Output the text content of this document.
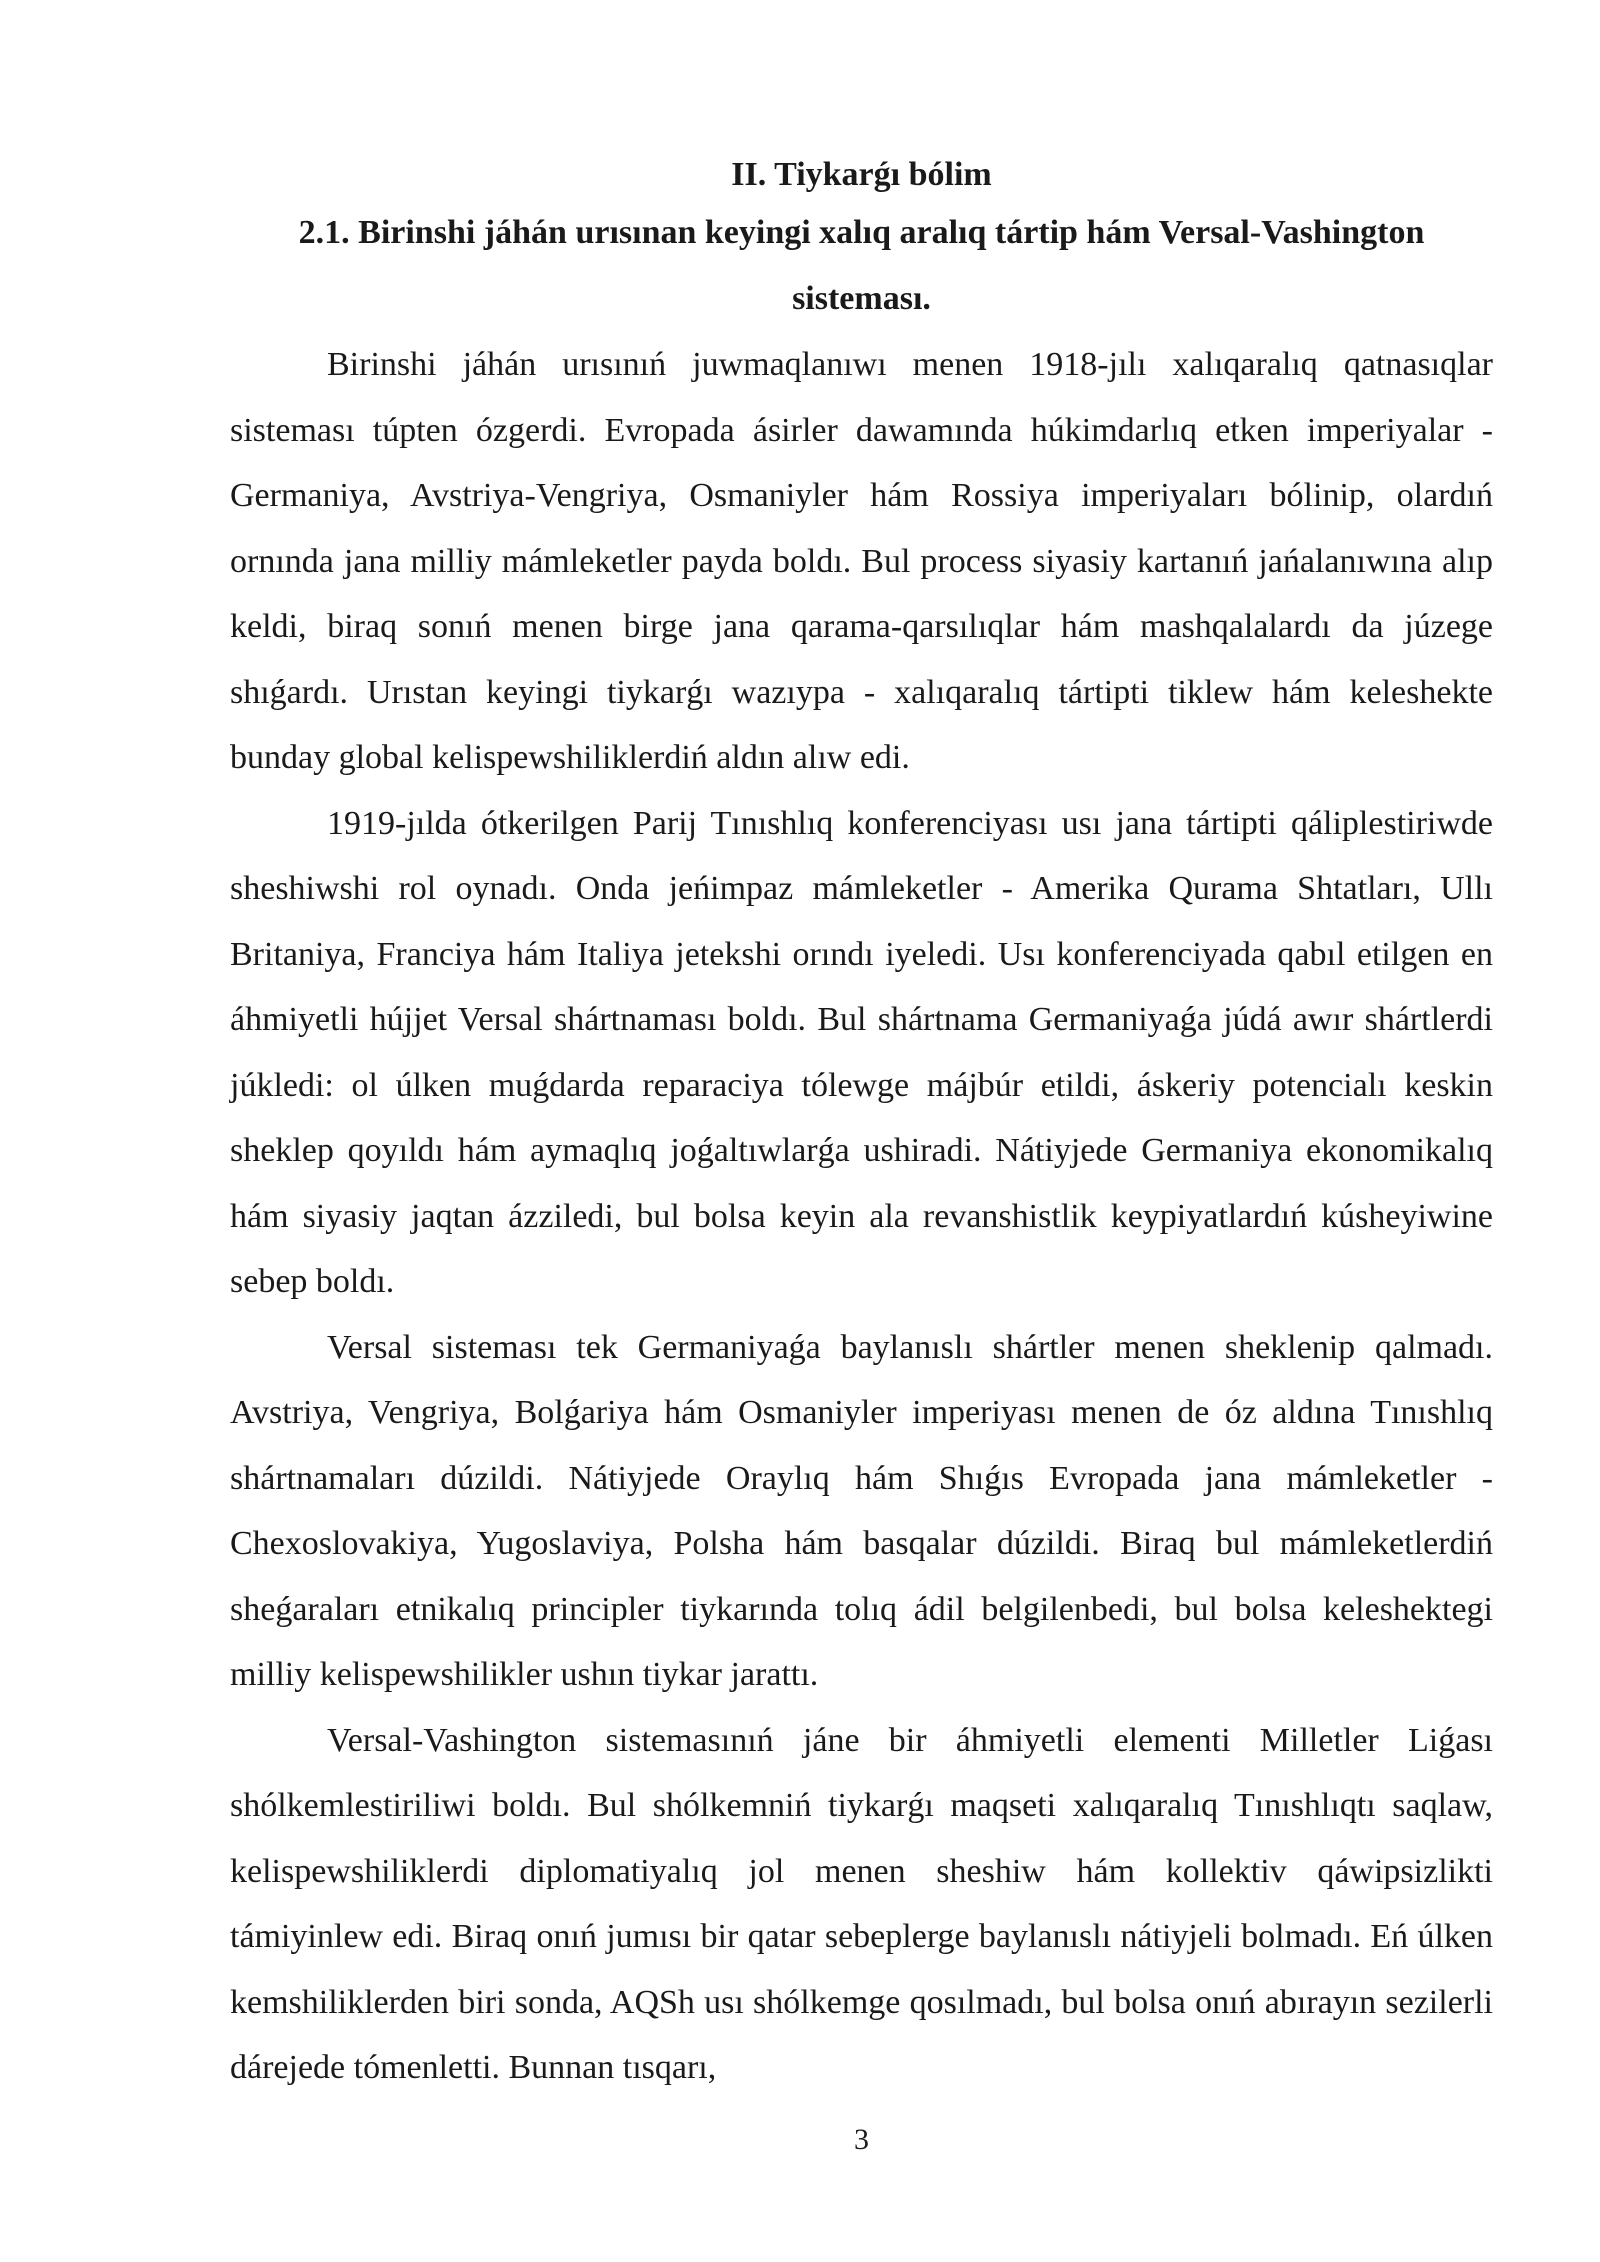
II. Tiykarǵı bólim
2.1. Birinshi jáhán urısınan keyingi xalıq aralıq tártip hám Versal-Vashington sisteması.

Birinshi jáhán urısınıń juwmaqlanıwı menen 1918-jılı xalıqaralıq qatnasıqlar sisteması túpten ózgerdi. Evropada ásirler dawamında húkimdarlıq etken imperiyalar - Germaniya, Avstriya-Vengriya, Osmaniyler hám Rossiya imperiyaları bólinip, olardıń ornında jana milliy mámleketler payda boldı. Bul process siyasiy kartanıń jańalanıwına alıp keldi, biraq sonıń menen birge jana qarama-qarsılıqlar hám mashqalalardı da júzege shıǵardı. Urıstan keyingi tiykarǵı wazıypa - xalıqaralıq tártipti tiklew hám keleshekte bunday global kelispewshiliklerdiń aldın alıw edi.

1919-jılda ótkerilgen Parij Tınıshlıq konferenciyası usı jana tártipti qáliplestiriwde sheshiwshi rol oynadı. Onda jeńimpaz mámleketler - Amerika Qurama Shtatları, Ullı Britaniya, Franciya hám Italiya jetekshi orındı iyeledi. Usı konferenciyada qabıl etilgen en áhmiyetli hújjet Versal shártnaması boldı. Bul shártnama Germaniyaǵa júdá awır shártlerdi júkledi: ol úlken muǵdarda reparaciya tólewge májbúr etildi, áskeriy potencialı keskin sheklep qoyıldı hám aymaqlıq joǵaltıwlarǵa ushiradi. Nátiyjede Germaniya ekonomikalıq hám siyasiy jaqtan ázziledi, bul bolsa keyin ala revanshistlik keypiyatlardıń kúsheyiwine sebep boldı.

Versal sisteması tek Germaniyaǵa baylanıslı shártler menen sheklenip qalmadı. Avstriya, Vengriya, Bolǵariya hám Osmaniyler imperiyası menen de óz aldına Tınıshlıq shártnamaları dúzildi. Nátiyjede Oraylıq hám Shıǵıs Evropada jana mámleketler - Chexoslovakiya, Yugoslaviya, Polsha hám basqalar dúzildi. Biraq bul mámleketlerdiń sheǵaraları etnikalıq principler tiykarında tolıq ádil belgilenbedi, bul bolsa keleshektegi milliy kelispewshilikler ushın tiykar jarattı.

Versal-Vashington sistemasınıń jáne bir áhmiyetli elementi Milletler Liǵası shólkemlestiriliwi boldı. Bul shólkemniń tiykarǵı maqseti xalıqaralıq Tınıshlıqtı saqlaw, kelispewshiliklerdi diplomatiyalıq jol menen sheshiw hám kollektiv qáwipsizlikti támiyinlew edi. Biraq onıń jumısı bir qatar sebeplerge baylanıslı nátiyjeli bolmadı. Eń úlken kemshiliklerden biri sonda, AQSh usı shólkemge qosılmadı, bul bolsa onıń abırayın sezilerli dárejede tómenletti. Bunnan tısqarı,

3
